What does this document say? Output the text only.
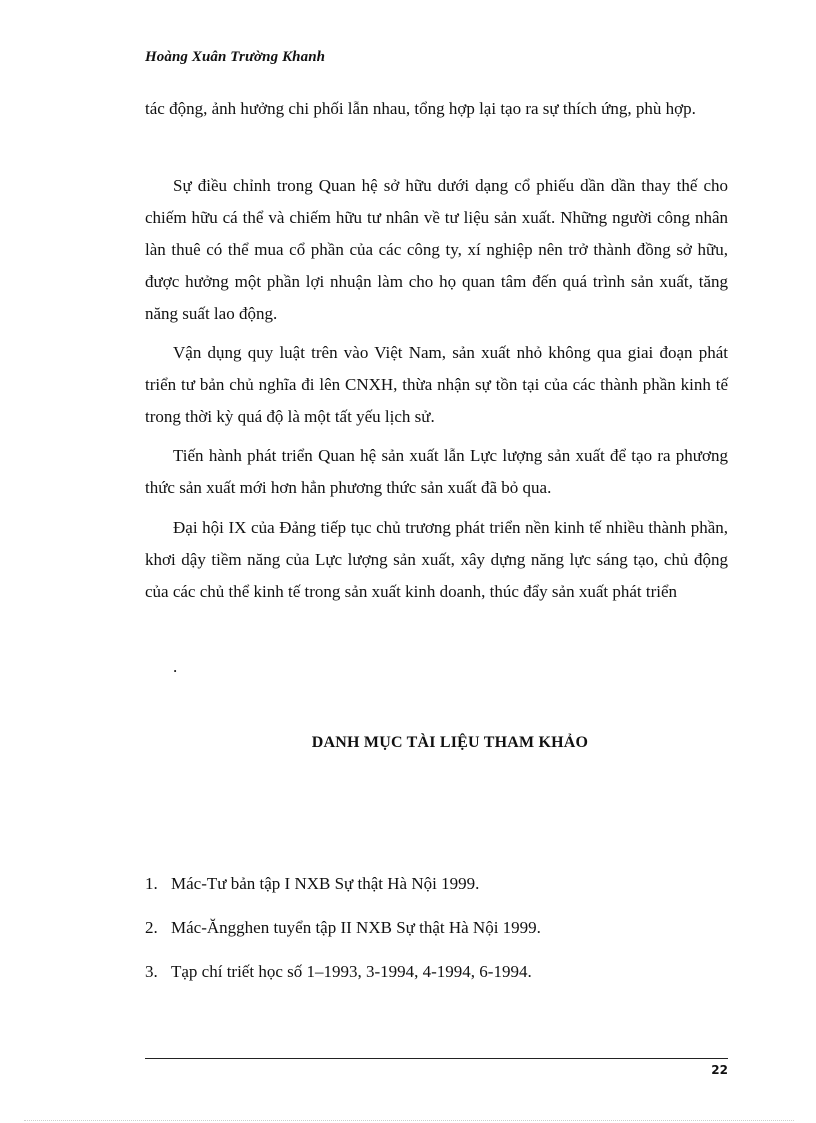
Hoàng Xuân Trường Khanh

tác động, ảnh hưởng chi phối lẫn nhau, tổng hợp lại tạo ra sự thích ứng, phù hợp.

Sự điều chỉnh trong Quan hệ sở hữu dưới dạng cổ phiếu dần dần thay thế cho chiếm hữu cá thể và chiếm hữu tư nhân về tư liệu sản xuất. Những người công nhân làn thuê có thể mua cổ phần của các công ty, xí nghiệp nên trở thành đồng sở hữu, được hưởng một phần lợi nhuận làm cho họ quan tâm đến quá trình sản xuất, tăng năng suất lao động.

Vận dụng quy luật trên vào Việt Nam, sản xuất nhỏ không qua giai đoạn phát triển tư bản chủ nghĩa đi lên CNXH, thừa nhận sự tồn tại của các thành phần kinh tế trong thời kỳ quá độ là một tất yếu lịch sử.

Tiến hành phát triển Quan hệ sản xuất lẫn Lực lượng sản xuất để tạo ra phương thức sản xuất mới hơn hẳn phương thức sản xuất đã bỏ qua.

Đại hội IX của Đảng tiếp tục chủ trương phát triển nền kinh tế nhiều thành phần, khơi dậy tiềm năng của Lực lượng sản xuất, xây dựng năng lực sáng tạo, chủ động của các chủ thể kinh tế trong sản xuất kinh doanh, thúc đẩy sản xuất phát triển

.
DANH MỤC TÀI LIỆU THAM KHẢO
1. Mác-Tư bản tập I NXB Sự thật Hà Nội 1999.
2. Mác-Ăngghen tuyển tập II NXB Sự thật Hà Nội 1999.
3. Tạp chí triết học số 1–1993, 3-1994, 4-1994, 6-1994.
22
